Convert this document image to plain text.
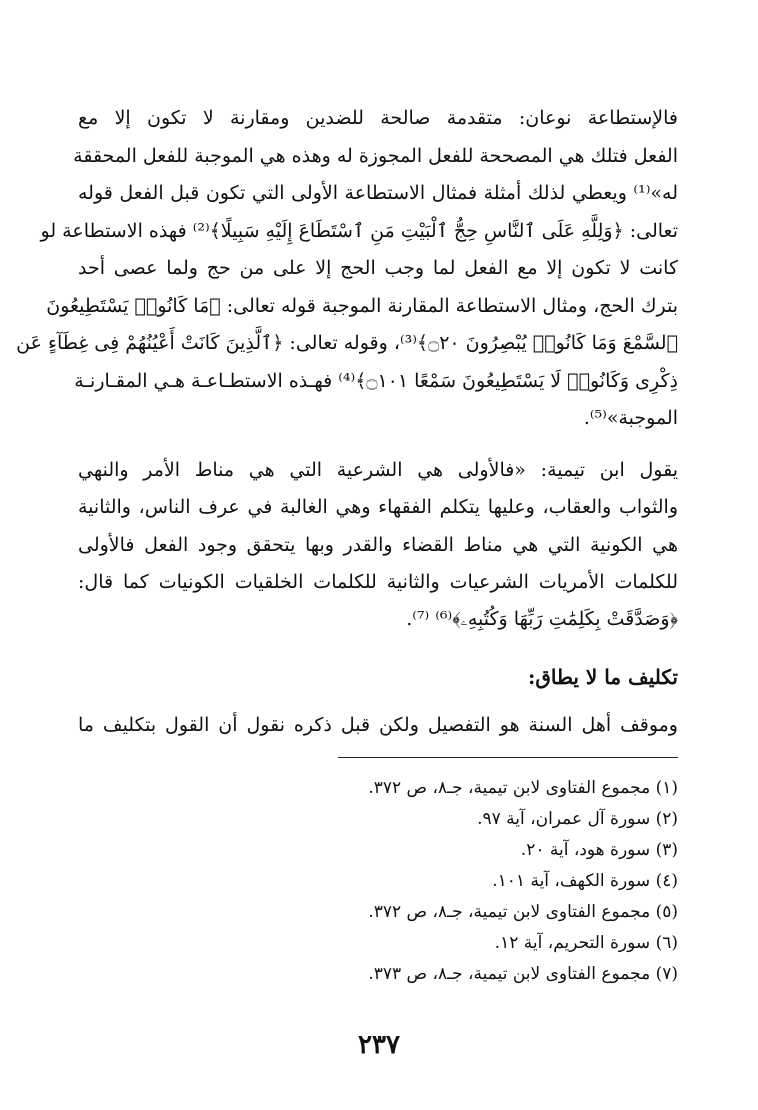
فالإستطاعة نوعان: متقدمة صالحة للضدين ومقارنة لا تكون إلا مع
الفعل فتلك هي المصححة للفعل المجوزة له وهذه هي الموجبة للفعل المحققة
له»⁽¹⁾ ويعطي لذلك أمثلة فمثال الاستطاعة الأولى التي تكون قبل الفعل قوله
تعالى: ﴿وَلِلَّهِ عَلَى ٱلنَّاسِ حِجُّ ٱلْبَيْتِ مَنِ ٱسْتَطَاعَ إِلَيْهِ سَبِيلًا﴾⁽²⁾ فهذه الاستطاعة لو
كانت لا تكون إلا مع الفعل لما وجب الحج إلا على من حج ولما عصى أحد
بترك الحج، ومثال الاستطاعة المقارنة الموجبة قوله تعالى: ﴿مَا كَانُوا۟ يَسْتَطِيعُونَ
ٱلسَّمْعَ وَمَا كَانُوا۟ يُبْصِرُونَ ۝٢٠﴾⁽³⁾، وقوله تعالى: ﴿ٱلَّذِينَ كَانَتْ أَعْيُنُهُمْ فِى غِطَآءٍ عَن
ذِكْرِى وَكَانُوا۟ لَا يَسْتَطِيعُونَ سَمْعًا ۝١٠١﴾⁽⁴⁾ فهـذه الاستطـاعـة هـي المقـارنـة
الموجبة»⁽⁵⁾.
يقول ابن تيمية: «فالأولى هي الشرعية التي هي مناط الأمر والنهي
والثواب والعقاب، وعليها يتكلم الفقهاء وهي الغالبة في عرف الناس، والثانية
هي الكونية التي هي مناط القضاء والقدر وبها يتحقق وجود الفعل فالأولى
للكلمات الأمريات الشرعيات والثانية للكلمات الخلقيات الكونيات كما قال:
﴿وَصَدَّقَتْ بِكَلِمَٰتِ رَبِّهَا وَكُتُبِهِۦ﴾⁽⁶⁾ ⁽⁷⁾.
تكليف ما لا يطاق:
وموقف أهل السنة هو التفصيل ولكن قبل ذكره نقول أن القول بتكليف ما
(١) مجموع الفتاوى لابن تيمية، جـ٨، ص ٣٧٢.
(٢) سورة آل عمران، آية ٩٧.
(٣) سورة هود، آية ٢٠.
(٤) سورة الكهف، آية ١٠١.
(٥) مجموع الفتاوى لابن تيمية، جـ٨، ص ٣٧٢.
(٦) سورة التحريم، آية ١٢.
(٧) مجموع الفتاوى لابن تيمية، جـ٨، ص ٣٧٣.
٢٣٧
